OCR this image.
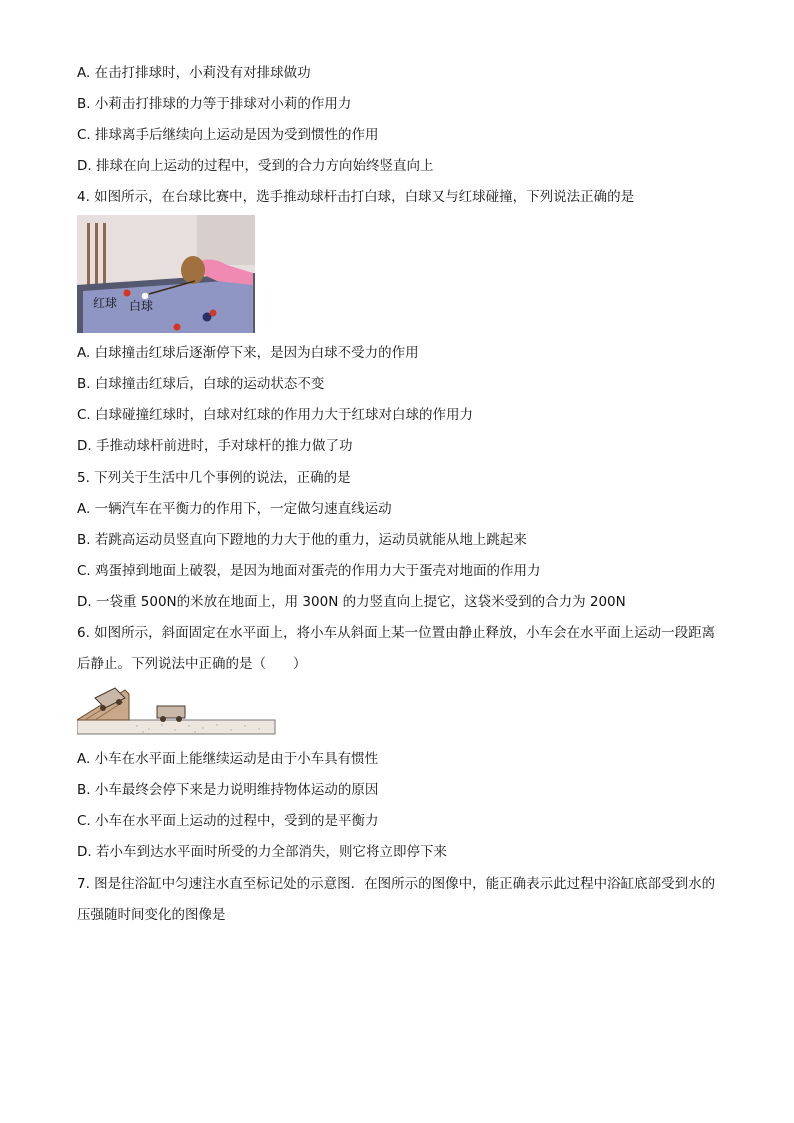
A. 在击打排球时，小莉没有对排球做功
B. 小莉击打排球的力等于排球对小莉的作用力
C. 排球离手后继续向上运动是因为受到惯性的作用
D. 排球在向上运动的过程中，受到的合力方向始终竖直向上
4. 如图所示，在台球比赛中，选手推动球杆击打白球，白球又与红球碰撞，下列说法正确的是
红球 白球
A. 白球撞击红球后逐渐停下来，是因为白球不受力的作用
B. 白球撞击红球后，白球的运动状态不变
C. 白球碰撞红球时，白球对红球的作用力大于红球对白球的作用力
D. 手推动球杆前进时，手对球杆的推力做了功
5. 下列关于生活中几个事例的说法，正确的是
A. 一辆汽车在平衡力的作用下，一定做匀速直线运动
B. 若跳高运动员竖直向下蹬地的力大于他的重力，运动员就能从地上跳起来
C. 鸡蛋掉到地面上破裂，是因为地面对蛋壳的作用力大于蛋壳对地面的作用力
D. 一袋重 500N的米放在地面上，用 300N 的力竖直向上提它，这袋米受到的合力为 200N
6. 如图所示，斜面固定在水平面上，将小车从斜面上某一位置由静止释放，小车会在水平面上运动一段距离后静止。下列说法中正确的是（　　）
A. 小车在水平面上能继续运动是由于小车具有惯性
B. 小车最终会停下来是力说明维持物体运动的原因
C. 小车在水平面上运动的过程中，受到的是平衡力
D. 若小车到达水平面时所受的力全部消失，则它将立即停下来
7. 图是往浴缸中匀速注水直至标记处的示意图．在图所示的图像中，能正确表示此过程中浴缸底部受到水的压强随时间变化的图像是
